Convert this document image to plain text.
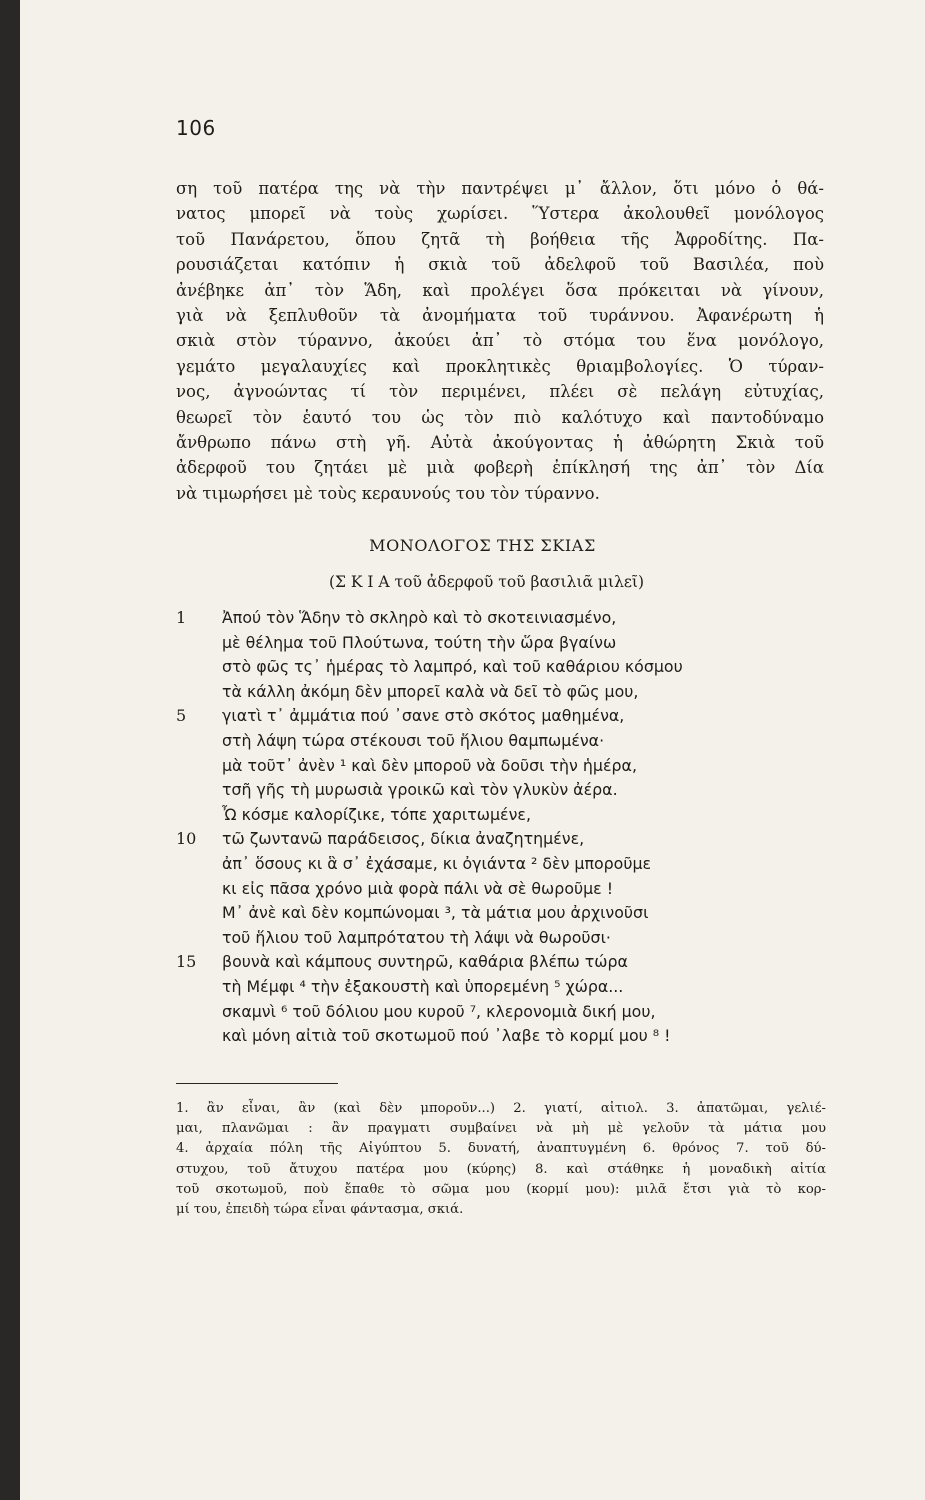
106
ση τοῦ πατέρα της νὰ τὴν παντρέψει μ᾽ ἄλλον, ὅτι μόνο ὁ θά-
νατος μπορεῖ νὰ τοὺς χωρίσει. Ὕστερα ἀκολουθεῖ μονόλογος
τοῦ Πανάρετου, ὅπου ζητᾶ τὴ βοήθεια τῆς Ἀφροδίτης. Πα-
ρουσιάζεται κατόπιν ἡ σκιὰ τοῦ ἀδελφοῦ τοῦ Βασιλέα, ποὺ
ἀνέβηκε ἀπ᾽ τὸν Ἅδη, καὶ προλέγει ὅσα πρόκειται νὰ γίνουν,
γιὰ νὰ ξεπλυθοῦν τὰ ἀνομήματα τοῦ τυράννου. Ἀφανέρωτη ἡ
σκιὰ στὸν τύραννο, ἀκούει ἀπ᾽ τὸ στόμα του ἕνα μονόλογο,
γεμάτο μεγαλαυχίες καὶ προκλητικὲς θριαμβολογίες. Ὁ τύραν-
νος, ἀγνοώντας τί τὸν περιμένει, πλέει σὲ πελάγη εὐτυχίας,
θεωρεῖ τὸν ἑαυτό του ὡς τὸν πιὸ καλότυχο καὶ παντοδύναμο
ἄνθρωπο πάνω στὴ γῆ. Αὐτὰ ἀκούγοντας ἡ ἀθώρητη Σκιὰ τοῦ
ἀδερφοῦ του ζητάει μὲ μιὰ φοβερὴ ἐπίκλησή της ἀπ᾽ τὸν Δία
νὰ τιμωρήσει μὲ τοὺς κεραυνούς του τὸν τύραννο.
ΜΟΝΟΛΟΓΟΣ ΤΗΣ ΣΚΙΑΣ
(Σ Κ Ι Α τοῦ ἀδερφοῦ τοῦ βασιλιᾶ μιλεῖ)
1 Ἀπού τὸν Ἅδην τὸ σκληρὸ καὶ τὸ σκοτεινιασμένο,
μὲ θέλημα τοῦ Πλούτωνα, τούτη τὴν ὥρα βγαίνω
στὸ φῶς τς᾽ ἡμέρας τὸ λαμπρό, καὶ τοῦ καθάριου κόσμου
τὰ κάλλη ἀκόμη δὲν μπορεῖ καλὰ νὰ δεῖ τὸ φῶς μου,
5 γιατὶ τ᾽ ἀμμάτια πού ᾽σανε στὸ σκότος μαθημένα,
στὴ λάψη τώρα στέκουσι τοῦ ἥλιου θαμπωμένα·
μὰ τοῦτ᾽ ἀνὲν ¹ καὶ δὲν μποροῦ νὰ δοῦσι τὴν ἡμέρα,
τσῆ γῆς τὴ μυρωσιὰ γροικῶ καὶ τὸν γλυκὺν ἀέρα.
Ὦ κόσμε καλορίζικε, τόπε χαριτωμένε,
10 τῶ ζωντανῶ παράδεισος, δίκια ἀναζητημένε,
ἀπ᾽ ὅσους κι ἃ σ᾽ ἐχάσαμε, κι ὀγιάντα ² δὲν μποροῦμε
κι εἰς πᾶσα χρόνο μιὰ φορὰ πάλι νὰ σὲ θωροῦμε !
Μ᾽ ἀνὲ καὶ δὲν κομπώνομαι ³, τὰ μάτια μου ἀρχινοῦσι
τοῦ ἥλιου τοῦ λαμπρότατου τὴ λάψι νὰ θωροῦσι·
15 βουνὰ καὶ κάμπους συντηρῶ, καθάρια βλέπω τώρα
τὴ Μέμφι ⁴ τὴν ἐξακουστὴ καὶ ὑπορεμένη ⁵ χώρα...
σκαμνὶ ⁶ τοῦ δόλιου μου κυροῦ ⁷, κλερονομιὰ δική μου,
καὶ μόνη αἰτιὰ τοῦ σκοτωμοῦ πού ᾽λαβε τὸ κορμί μου ⁸ !
1. ἂν εἶναι, ἂν (καὶ δὲν μποροῦν...) 2. γιατί, αἰτιολ. 3. ἀπατῶμαι, γελιέ-
μαι, πλανῶμαι : ἂν πραγματι συμβαίνει νὰ μὴ μὲ γελοῦν τὰ μάτια μου
4. ἀρχαία πόλη τῆς Αἰγύπτου 5. δυνατή, ἀναπτυγμένη 6. θρόνος 7. τοῦ δύ-
στυχου, τοῦ ἄτυχου πατέρα μου (κύρης) 8. καὶ στάθηκε ἡ μοναδικὴ αἰτία
τοῦ σκοτωμοῦ, ποὺ ἔπαθε τὸ σῶμα μου (κορμί μου): μιλᾶ ἔτσι γιὰ τὸ κορ-
μί του, ἐπειδὴ τώρα εἶναι φάντασμα, σκιά.
